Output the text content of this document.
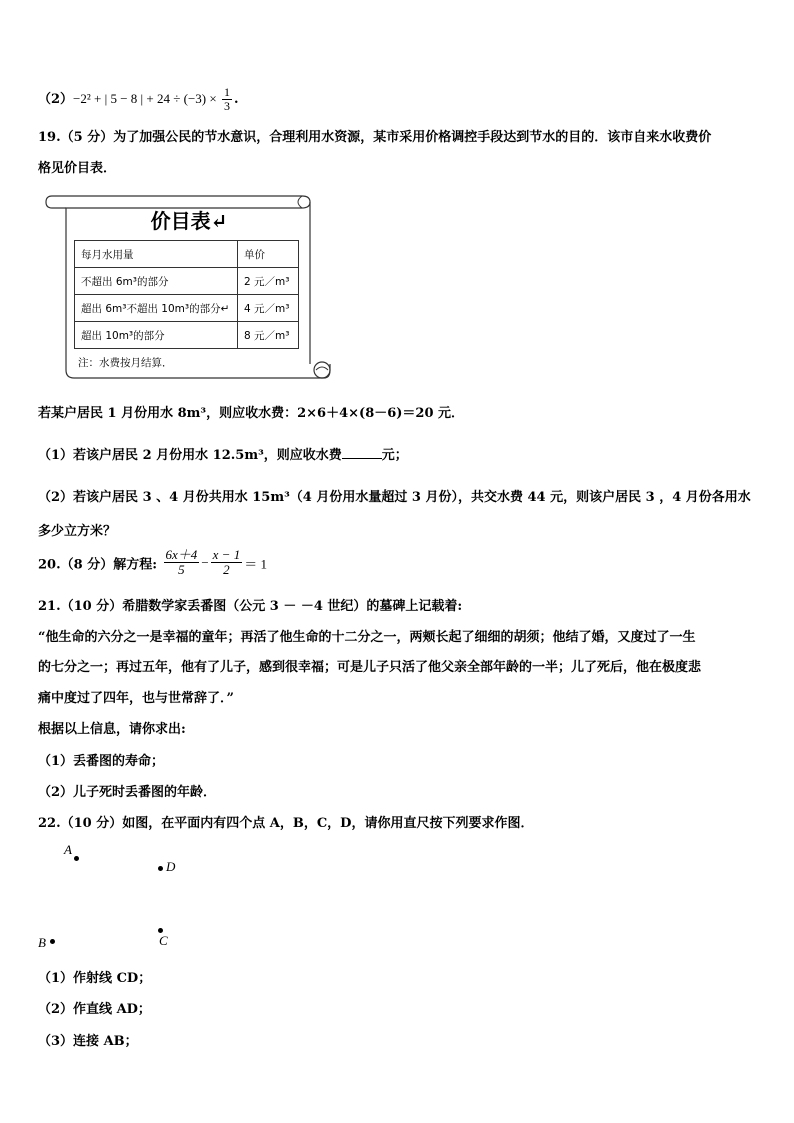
（2）−2² + | 5 − 8 | + $24 \div (-3) \times \frac{1}{3}$ .
19.（5 分）为了加强公民的节水意识，合理利用水资源，某市采用价格调控手段达到节水的目的．该市自来水收费价
格见价目表．
价目表↵
每月水用量	单价
不超出 6m³的部分	2 元／m³
超出 6m³不超出 10m³的部分↵	4 元／m³
超出 10m³的部分	8 元／m³
注：水费按月结算．
若某户居民 1 月份用水 8m³，则应收水费：2×6＋4×(8－6)＝20 元．
（1）若该户居民 2 月份用水 12.5m³，则应收水费	元；
（2）若该户居民 3 、4 月份共用水 15m³（4 月份用水量超过 3 月份），共交水费 44 元，则该户居民 3 ，4 月份各用水
多少立方米？
20.（8 分）解方程: $\frac{6x+4}{5} - \frac{x - 1}{2} = 1$
21.（10 分）希腊数学家丢番图（公元 3 － －4 世纪）的墓碑上记载着:
“他生命的六分之一是幸福的童年；再活了他生命的十二分之一，两颊长起了细细的胡须；他结了婚，又度过了一生
的七分之一；再过五年，他有了儿子，感到很幸福；可是儿子只活了他父亲全部年龄的一半；儿了死后，他在极度悲
痛中度过了四年，也与世常辞了．”
根据以上信息，请你求出:
（1）丢番图的寿命；
（2）儿子死时丢番图的年龄．
22.（10 分）如图，在平面内有四个点 A，B，C，D，请你用直尺按下列要求作图．
A
D
C
B
（1）作射线 CD；
（2）作直线 AD；
（3）连接 AB；
